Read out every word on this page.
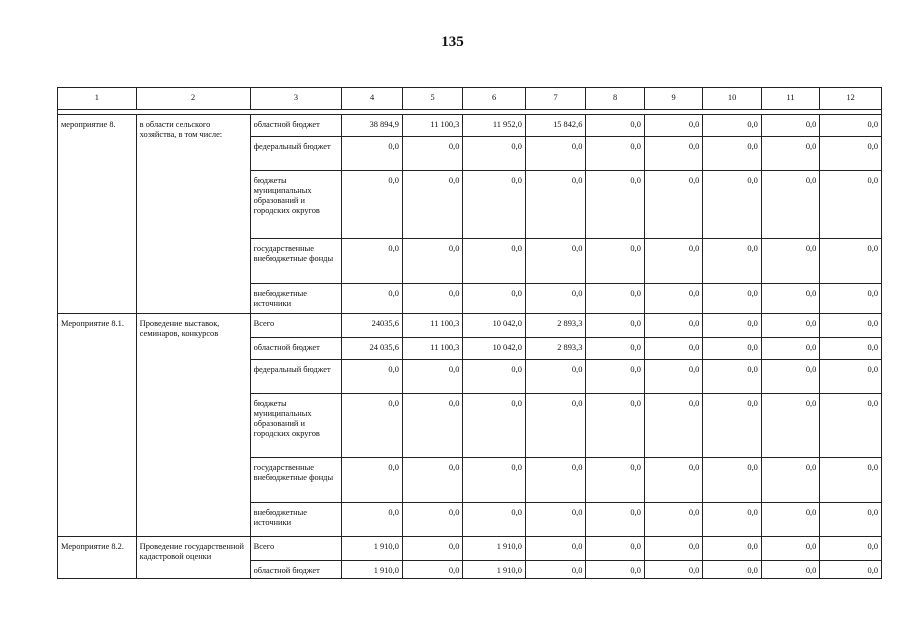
135
1	2	3	4	5	6	7	8	9	10	11	12

мероприятие 8.	в области сельского хозяйства, в том числе:	областной бюджет	38 894,9	11 100,3	11 952,0	15 842,6	0,0	0,0	0,0	0,0	0,0
		федеральный бюджет	0,0	0,0	0,0	0,0	0,0	0,0	0,0	0,0	0,0
		бюджеты муниципальных образований и городских округов	0,0	0,0	0,0	0,0	0,0	0,0	0,0	0,0	0,0
		государственные внебюджетные фонды	0,0	0,0	0,0	0,0	0,0	0,0	0,0	0,0	0,0
		внебюджетные источники	0,0	0,0	0,0	0,0	0,0	0,0	0,0	0,0	0,0
Мероприятие 8.1.	Проведение выставок, семинаров, конкурсов	Всего	24035,6	11 100,3	10 042,0	2 893,3	0,0	0,0	0,0	0,0	0,0
		областной бюджет	24 035,6	11 100,3	10 042,0	2 893,3	0,0	0,0	0,0	0,0	0,0
		федеральный бюджет	0,0	0,0	0,0	0,0	0,0	0,0	0,0	0,0	0,0
		бюджеты муниципальных образований и городских округов	0,0	0,0	0,0	0,0	0,0	0,0	0,0	0,0	0,0
		государственные внебюджетные фонды	0,0	0,0	0,0	0,0	0,0	0,0	0,0	0,0	0,0
		внебюджетные источники	0,0	0,0	0,0	0,0	0,0	0,0	0,0	0,0	0,0
Мероприятие 8.2.	Проведение государственной кадастровой оценки	Всего	1 910,0	0,0	1 910,0	0,0	0,0	0,0	0,0	0,0	0,0
		областной бюджет	1 910,0	0,0	1 910,0	0,0	0,0	0,0	0,0	0,0	0,0
